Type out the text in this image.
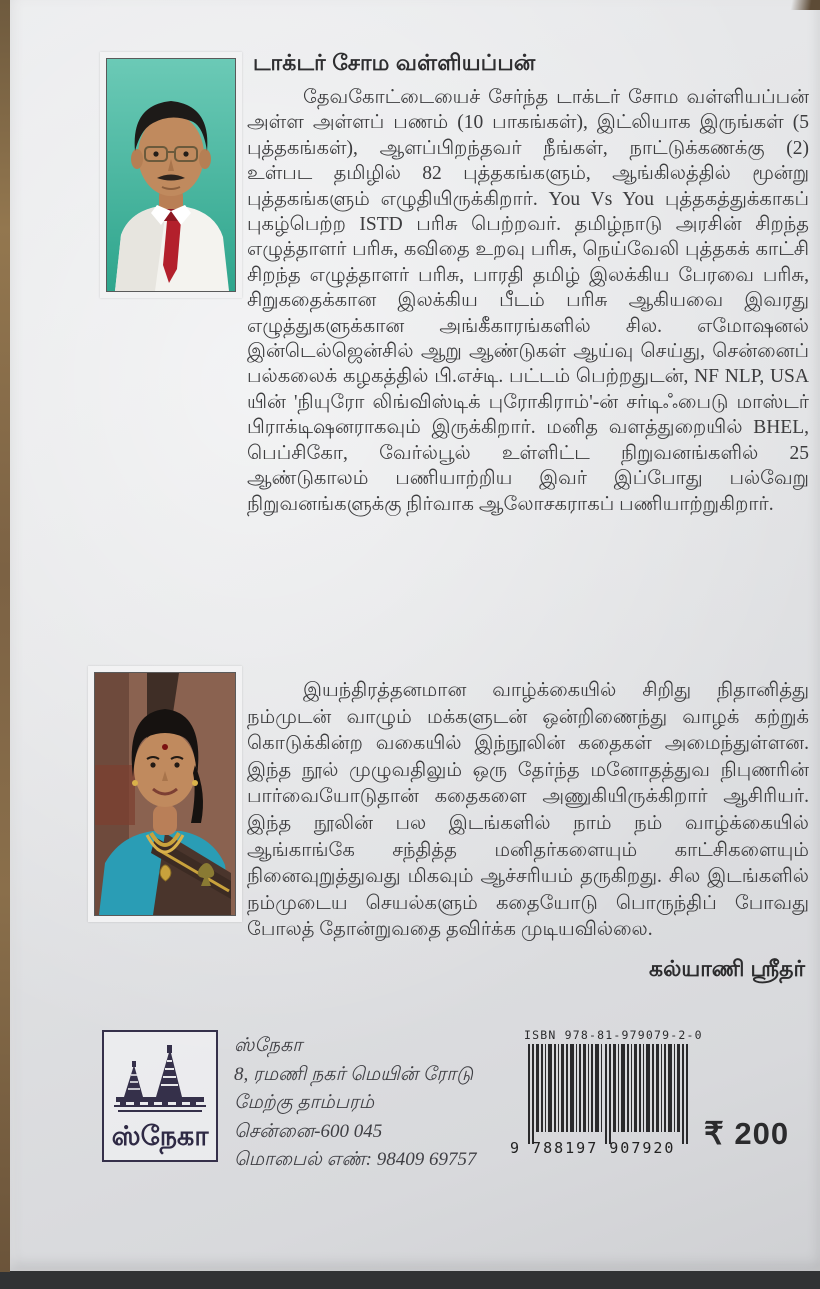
டாக்டர் சோம வள்ளியப்பன்

தேவகோட்டையைச் சேர்ந்த டாக்டர் சோம வள்ளியப்பன் அள்ள அள்ளப் பணம் (10 பாகங்கள்), இட்லியாக இருங்கள் (5 புத்தகங்கள்), ஆளப்பிறந்தவர் நீங்கள், நாட்டுக்கணக்கு (2) உள்பட தமிழில் 82 புத்தகங்களும், ஆங்கிலத்தில் மூன்று புத்தகங்களும் எழுதியிருக்கிறார். You Vs You புத்தகத்துக்காகப் புகழ்பெற்ற ISTD பரிசு பெற்றவர். தமிழ்நாடு அரசின் சிறந்த எழுத்தாளர் பரிசு, கவிதை உறவு பரிசு, நெய்வேலி புத்தகக் காட்சி சிறந்த எழுத்தாளர் பரிசு, பாரதி தமிழ் இலக்கிய பேரவை பரிசு, சிறுகதைக்கான இலக்கிய பீடம் பரிசு ஆகியவை இவரது எழுத்துகளுக்கான அங்கீகாரங்களில் சில. எமோஷனல் இன்டெல்ஜென்சில் ஆறு ஆண்டுகள் ஆய்வு செய்து, சென்னைப் பல்கலைக் கழகத்தில் பி.எச்டி. பட்டம் பெற்றதுடன், NF NLP, USA யின் 'நியுரோ லிங்விஸ்டிக் புரோகிராம்'-ன் சர்டிஃபைடு மாஸ்டர் பிராக்டிஷனராகவும் இருக்கிறார். மனித வளத்துறையில் BHEL, பெப்சிகோ, வேர்ல்பூல் உள்ளிட்ட நிறுவனங்களில் 25 ஆண்டுகாலம் பணியாற்றிய இவர் இப்போது பல்வேறு நிறுவனங்களுக்கு நிர்வாக ஆலோசகராகப் பணியாற்றுகிறார்.

இயந்திரத்தனமான வாழ்க்கையில் சிறிது நிதானித்து நம்முடன் வாழும் மக்களுடன் ஒன்றிணைந்து வாழக் கற்றுக் கொடுக்கின்ற வகையில் இந்நூலின் கதைகள் அமைந்துள்ளன. இந்த நூல் முழுவதிலும் ஒரு தேர்ந்த மனோதத்துவ நிபுணரின் பார்வையோடுதான் கதைகளை அணுகியிருக்கிறார் ஆசிரியர். இந்த நூலின் பல இடங்களில் நாம் நம் வாழ்க்கையில் ஆங்காங்கே சந்தித்த மனிதர்களையும் காட்சிகளையும் நினைவுறுத்துவது மிகவும் ஆச்சரியம் தருகிறது. சில இடங்களில் நம்முடைய செயல்களும் கதையோடு பொருந்திப் போவது போலத் தோன்றுவதை தவிர்க்க முடியவில்லை.

கல்யாணி ஸ்ரீதர்
ஸ்நேகா
ஸ்நேகா
8, ரமணி நகர் மெயின் ரோடு
மேற்கு தாம்பரம்
சென்னை-600 045
மொபைல் எண்: 98409 69757
ISBN 978-81-979079-2-0
9 788197 907920 ₹ 200
